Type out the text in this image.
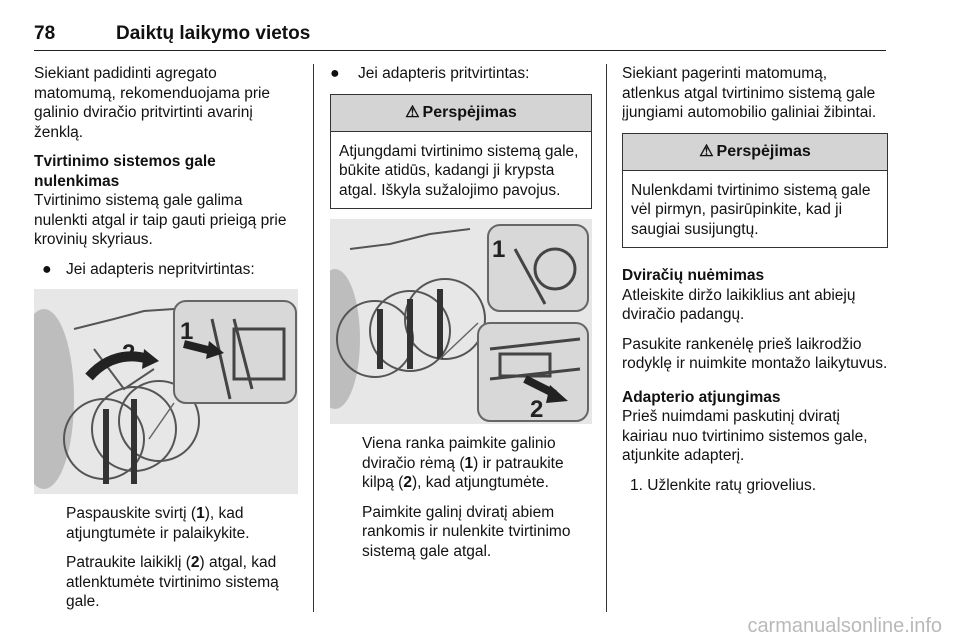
78	Daiktų laikymo vietos

Siekiant padidinti agregato matomumą, rekomenduojama prie galinio dviračio pritvirtinti avarinį ženklą.

Tvirtinimo sistemos gale nulenkimas

Tvirtinimo sistemą gale galima nulenkti atgal ir taip gauti prieigą prie krovinių skyriaus.

● Jei adapteris nepritvirtintas:

2
1

Paspauskite svirtį (1), kad atjungtumėte ir palaikykite.

Patraukite laikiklį (2) atgal, kad atlenktumėte tvirtinimo sistemą gale.

● Jei adapteris pritvirtintas:

⚠ Perspėjimas
Atjungdami tvirtinimo sistemą gale, būkite atidūs, kadangi ji krypsta atgal. Iškyla sužalojimo pavojus.
1
2

Viena ranka paimkite galinio dviračio rėmą (1) ir patraukite kilpą (2), kad atjungtumėte.

Paimkite galinį dviratį abiem rankomis ir nulenkite tvirtinimo sistemą gale atgal.

Siekiant pagerinti matomumą, atlenkus atgal tvirtinimo sistemą gale įjungiami automobilio galiniai žibintai.

⚠ Perspėjimas
Nulenkdami tvirtinimo sistemą gale vėl pirmyn, pasirūpinkite, kad ji saugiai susijungtų.
Dviračių nuėmimas

Atleiskite diržo laikiklius ant abiejų dviračio padangų.

Pasukite rankenėlę prieš laikrodžio rodyklę ir nuimkite montažo laikytuvus.

Adapterio atjungimas

Prieš nuimdami paskutinį dviratį kairiau nuo tvirtinimo sistemos gale, atjunkite adapterį.

1. Užlenkite ratų griovelius.

carmanualsonline.info
